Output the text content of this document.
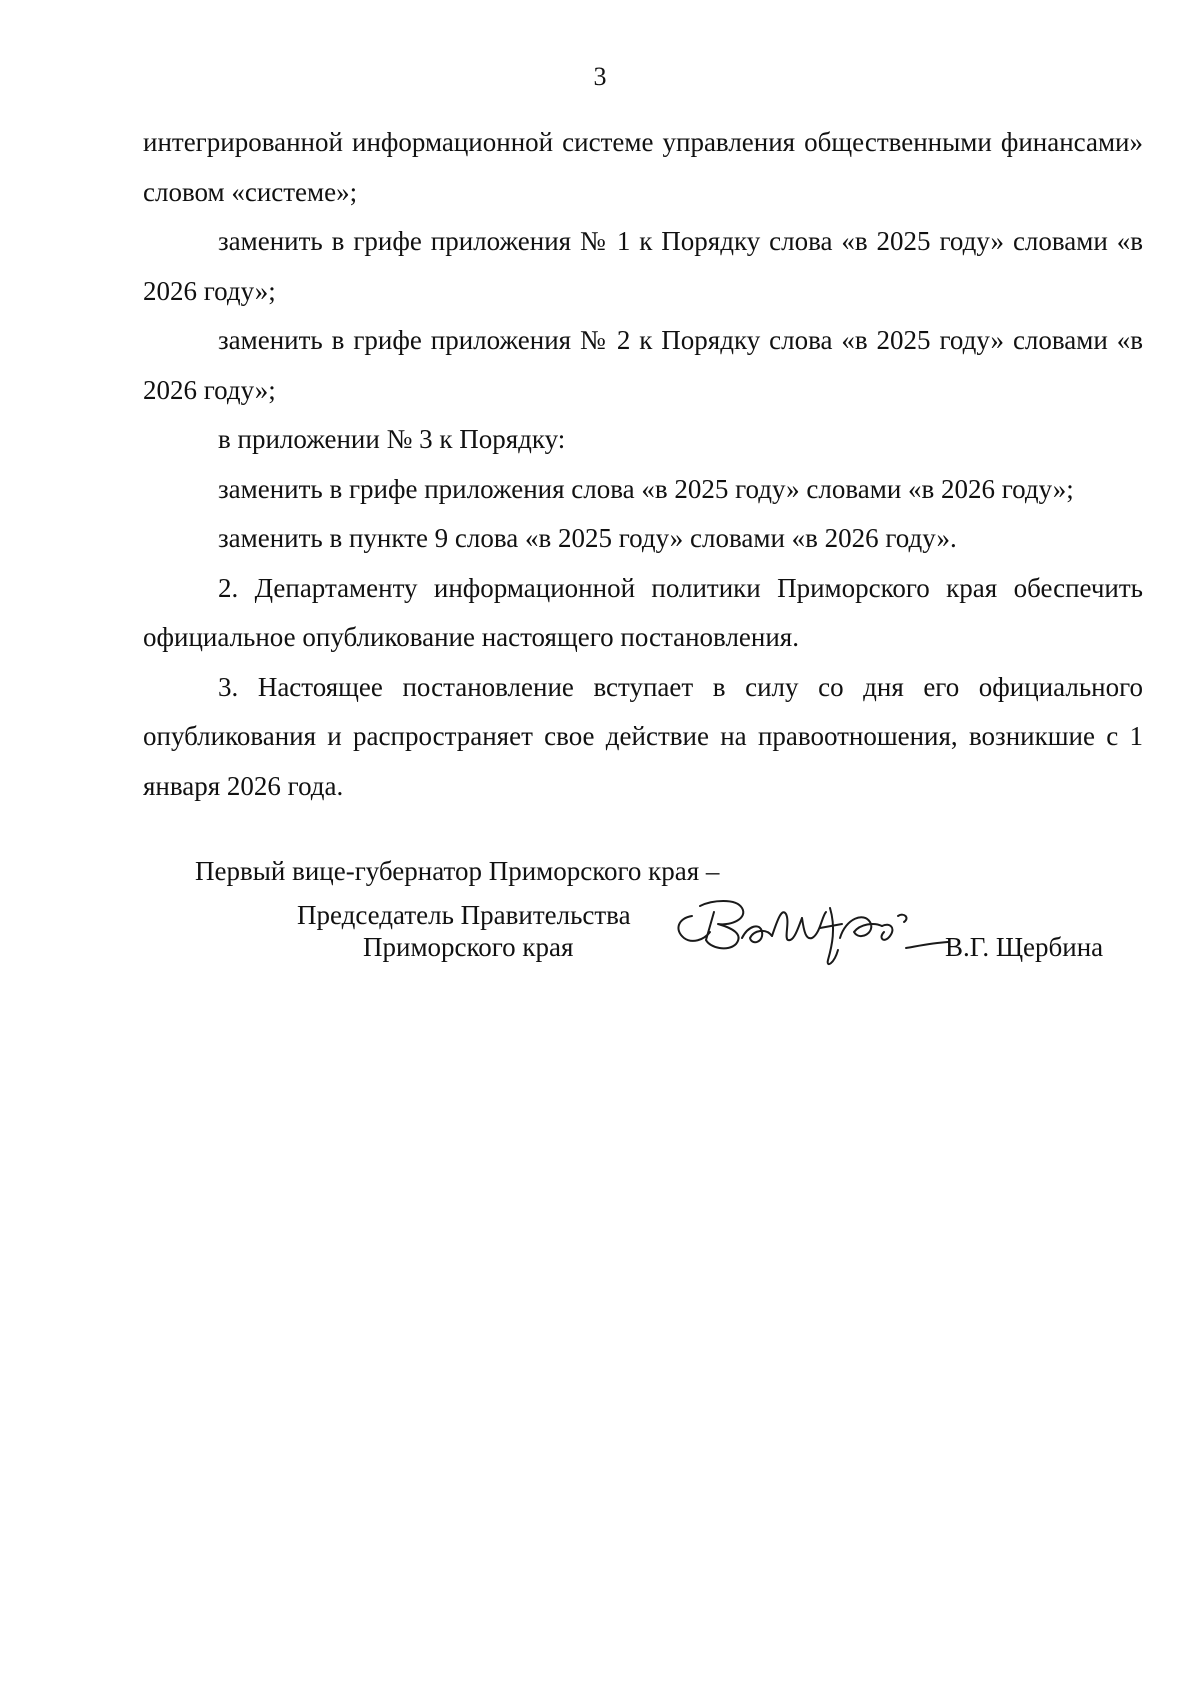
3

интегрированной информационной системе управления общественными финансами» словом «системе»;

заменить в грифе приложения № 1 к Порядку слова «в 2025 году» словами «в 2026 году»;

заменить в грифе приложения № 2 к Порядку слова «в 2025 году» словами «в 2026 году»;

в приложении № 3 к Порядку:

заменить в грифе приложения слова «в 2025 году» словами «в 2026 году»;

заменить в пункте 9 слова «в 2025 году» словами «в 2026 году».

2. Департаменту информационной политики Приморского края обеспечить официальное опубликование настоящего постановления.

3. Настоящее постановление вступает в силу со дня его официального опубликования и распространяет свое действие на правоотношения, возникшие с 1 января 2026 года.

Первый вице-губернатор Приморского края –
Председатель Правительства
Приморского края	В.Г. Щербина
